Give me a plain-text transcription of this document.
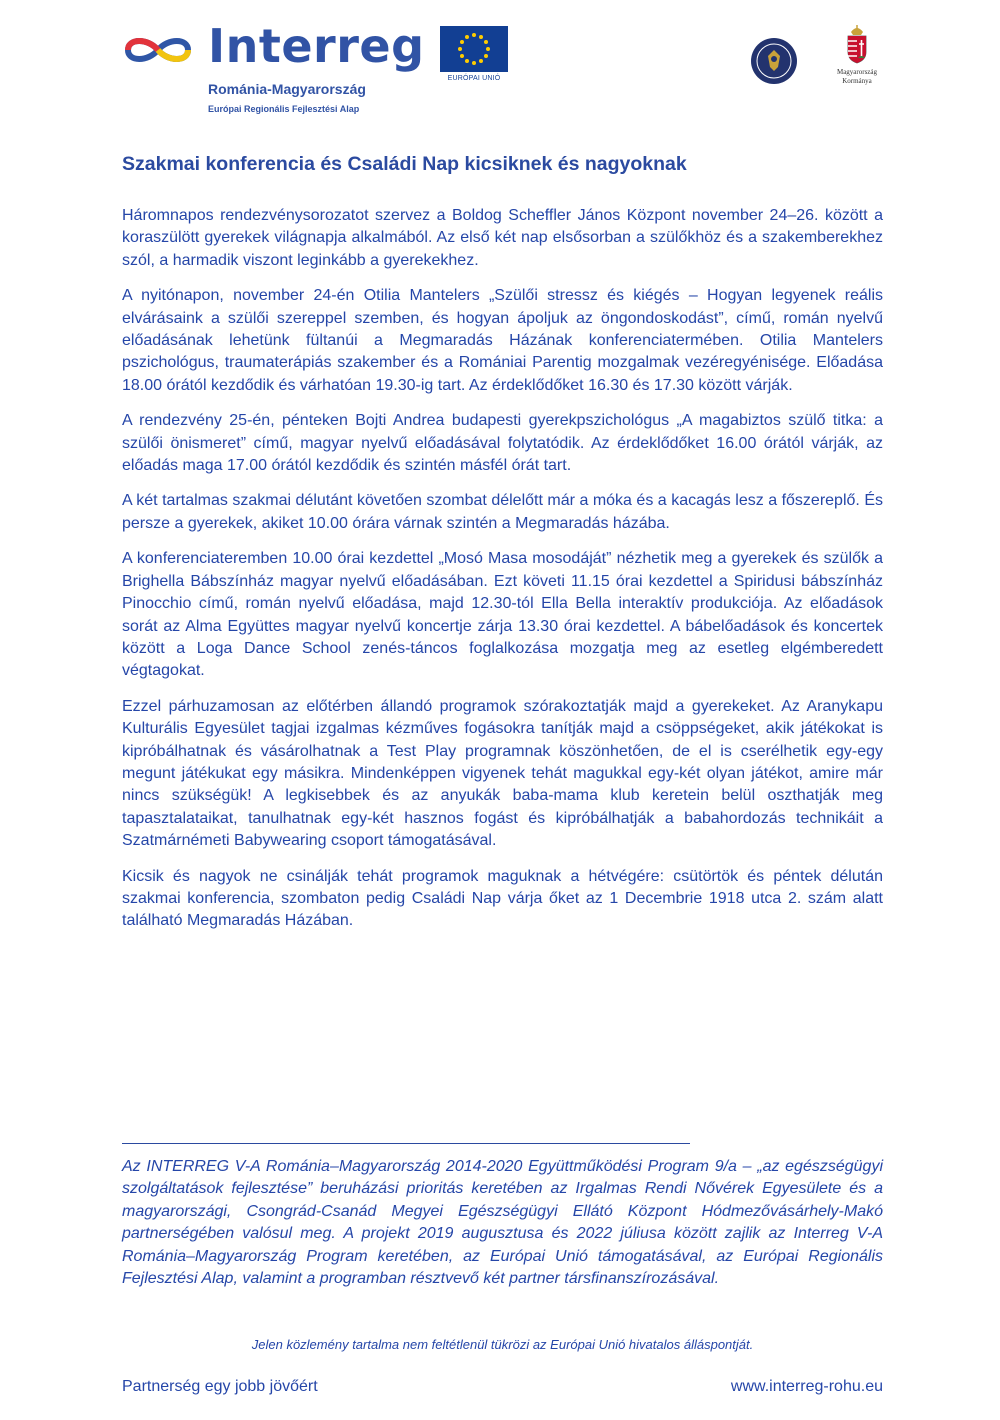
Interreg
EURÓPAI UNIÓ
Románia-Magyarország
Európai Regionális Fejlesztési Alap
Magyarország Kormánya
Szakmai konferencia és Családi Nap kicsiknek és nagyoknak

Háromnapos rendezvénysorozatot szervez a Boldog Scheffler János Központ november 24–26. között a koraszülött gyerekek világnapja alkalmából. Az első két nap elsősorban a szülőkhöz és a szakemberekhez szól, a harmadik viszont leginkább a gyerekekhez.

A nyitónapon, november 24-én Otilia Mantelers „Szülői stressz és kiégés – Hogyan legyenek reális elvárásaink a szülői szereppel szemben, és hogyan ápoljuk az öngondoskodást”, című, román nyelvű előadásának lehetünk fültanúi a Megmaradás Házának konferenciatermében. Otilia Mantelers pszichológus, traumaterápiás szakember és a Romániai Parentig mozgalmak vezéregyénisége. Előadása 18.00 órától kezdődik és várhatóan 19.30-ig tart. Az érdeklődőket 16.30 és 17.30 között várják.

A rendezvény 25-én, pénteken Bojti Andrea budapesti gyerekpszichológus „A magabiztos szülő titka: a szülői önismeret” című, magyar nyelvű előadásával folytatódik. Az érdeklődőket 16.00 órától várják, az előadás maga 17.00 órától kezdődik és szintén másfél órát tart.

A két tartalmas szakmai délutánt követően szombat délelőtt már a móka és a kacagás lesz a főszereplő. És persze a gyerekek, akiket 10.00 órára várnak szintén a Megmaradás házába.

A konferenciateremben 10.00 órai kezdettel „Mosó Masa mosodáját” nézhetik meg a gyerekek és szülők a Brighella Bábszínház magyar nyelvű előadásában. Ezt követi 11.15 órai kezdettel a Spiridusi bábszínház Pinocchio című, román nyelvű előadása, majd 12.30-tól Ella Bella interaktív produkciója. Az előadások sorát az Alma Együttes magyar nyelvű koncertje zárja 13.30 órai kezdettel. A bábelőadások és koncertek között a Loga Dance School zenés-táncos foglalkozása mozgatja meg az esetleg elgémberedett végtagokat.

Ezzel párhuzamosan az előtérben állandó programok szórakoztatják majd a gyerekeket. Az Aranykapu Kulturális Egyesület tagjai izgalmas kézműves fogásokra tanítják majd a csöppségeket, akik játékokat is kipróbálhatnak és vásárolhatnak a Test Play programnak köszönhetően, de el is cserélhetik egy-egy megunt játékukat egy másikra. Mindenképpen vigyenek tehát magukkal egy-két olyan játékot, amire már nincs szükségük! A legkisebbek és az anyukák baba-mama klub keretein belül oszthatják meg tapasztalataikat, tanulhatnak egy-két hasznos fogást és kipróbálhatják a babahordozás technikáit a Szatmárnémeti Babywearing csoport támogatásával.

Kicsik és nagyok ne csinálják tehát programok maguknak a hétvégére: csütörtök és péntek délután szakmai konferencia, szombaton pedig Családi Nap várja őket az 1 Decembrie 1918 utca 2. szám alatt található Megmaradás Házában.

Az INTERREG V-A Románia–Magyarország 2014-2020 Együttműködési Program 9/a – „az egészségügyi szolgáltatások fejlesztése” beruházási prioritás keretében az Irgalmas Rendi Nővérek Egyesülete és a magyarországi, Csongrád-Csanád Megyei Egészségügyi Ellátó Központ Hódmezővásárhely-Makó partnerségében valósul meg. A projekt 2019 augusztusa és 2022 júliusa között zajlik az Interreg V-A Románia–Magyarország Program keretében, az Európai Unió támogatásával, az Európai Regionális Fejlesztési Alap, valamint a programban résztvevő két partner társfinanszírozásával.

Jelen közlemény tartalma nem feltétlenül tükrözi az Európai Unió hivatalos álláspontját.

Partnerség egy jobb jövőért	www.interreg-rohu.eu
